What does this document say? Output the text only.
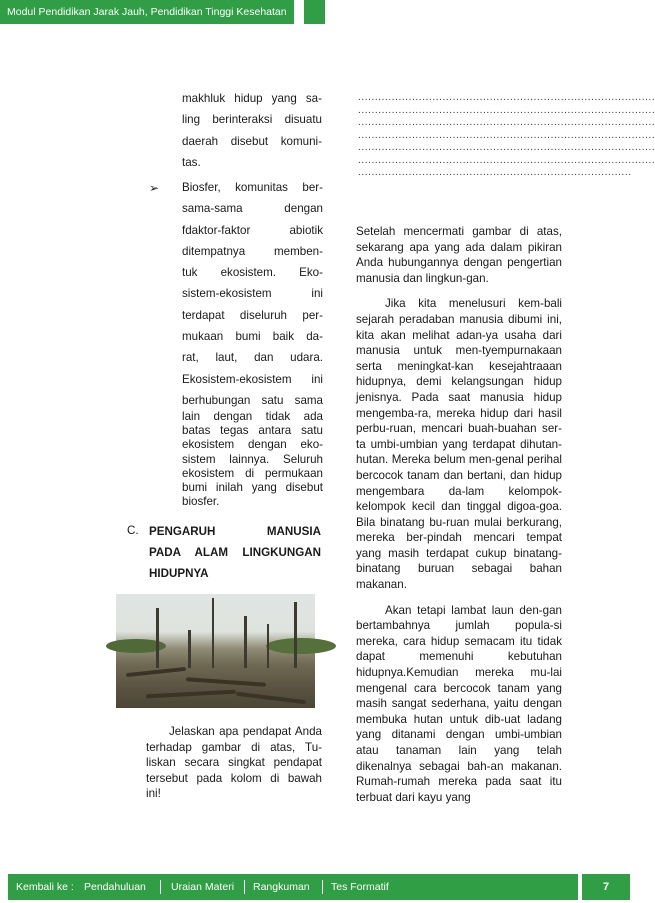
Modul Pendidikan Jarak Jauh, Pendidikan Tinggi Kesehatan

makhluk hidup yang sa-

ling berinteraksi disuatu

daerah disebut komuni-

tas.

➢ Biosfer, komunitas ber-

sama-sama dengan

fdaktor-faktor abiotik

ditempatnya memben-

tuk ekosistem. Eko-

sistem-ekosistem ini

terdapat diseluruh per-

mukaan bumi baik da-

rat, laut, dan udara.

Ekosistem-ekosistem ini

berhubungan satu sama

lain dengan tidak ada

batas tegas antara satu

ekosistem dengan eko-

sistem lainnya. Seluruh

ekosistem di permukaan

bumi inilah yang disebut

biosfer.

C. PENGARUH MANUSIA

PADA ALAM LINGKUNGAN

HIDUPNYA

Jelaskan apa pendapat Anda

terhadap gambar di atas, Tu-

liskan secara singkat pendapat

tersebut pada kolom di bawah

ini!

........................................................................................

........................................................................................

........................................................................................

........................................................................................

........................................................................................

........................................................................................

.................................................................................

Setelah mencermati gambar di atas, sekarang apa yang ada dalam pikiran Anda hubungannya dengan pengertian manusia dan lingkun-gan.

Jika kita menelusuri kem-bali sejarah peradaban manusia dibumi ini, kita akan melihat adan-ya usaha dari manusia untuk men-tyempurnakaan serta meningkat-kan kesejahtraaan hidupnya, demi kelangsungan hidup jenisnya. Pada saat manusia hidup mengemba-ra, mereka hidup dari hasil perbu-ruan, mencari buah-buahan ser-ta umbi-umbian yang terdapat dihutan-hutan. Mereka belum men-genal perihal bercocok tanam dan bertani, dan hidup mengembara da-lam kelompok-kelompok kecil dan tinggal digoa-goa. Bila binatang bu-ruan mulai berkurang, mereka ber-pindah mencari tempat yang masih terdapat cukup binatang-binatang buruan sebagai bahan makanan.

Akan tetapi lambat laun den-gan bertambahnya jumlah popula-si mereka, cara hidup semacam itu tidak dapat memenuhi kebutuhan hidupnya.Kemudian mereka mu-lai mengenal cara bercocok tanam yang masih sangat sederhana, yaitu dengan membuka hutan untuk dib-uat ladang yang ditanami dengan umbi-umbian atau tanaman lain yang telah dikenalnya sebagai bah-an makanan. Rumah-rumah mereka pada saat itu terbuat dari kayu yang

Kembali ke : Pendahuluan Uraian Materi Rangkuman Tes Formatif	7
